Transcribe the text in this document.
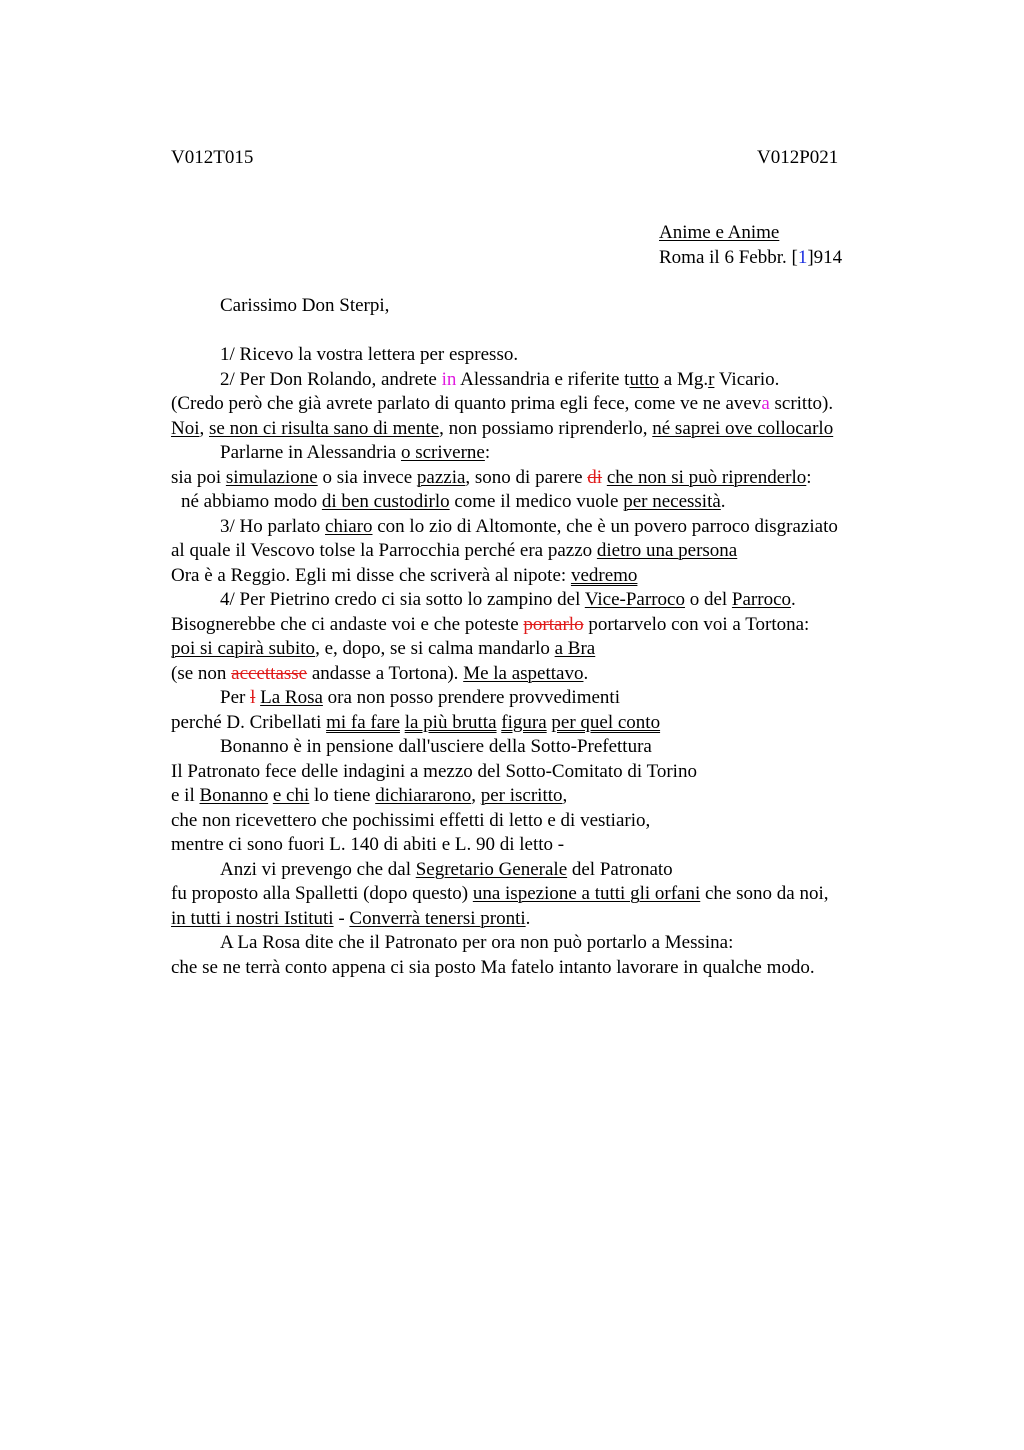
V012T015	V012P021
Anime e Anime
Roma il 6 Febbr. [1]914
Carissimo Don Sterpi,
1/ Ricevo la vostra lettera per espresso.
2/ Per Don Rolando, andrete in Alessandria e riferite tutto a Mg.r Vicario.
(Credo però che già avrete parlato di quanto prima egli fece, come ve ne aveva scritto).
Noi, se non ci risulta sano di mente, non possiamo riprenderlo, né saprei ove collocarlo
Parlarne in Alessandria o scriverne:
sia poi simulazione o sia invece pazzia, sono di parere di che non si può riprenderlo:
né abbiamo modo di ben custodirlo come il medico vuole per necessità.
3/ Ho parlato chiaro con lo zio di Altomonte, che è un povero parroco disgraziato
al quale il Vescovo tolse la Parrocchia perché era pazzo dietro una persona
Ora è a Reggio. Egli mi disse che scriverà al nipote: vedremo
4/ Per Pietrino credo ci sia sotto lo zampino del Vice-Parroco o del Parroco.
Bisognerebbe che ci andaste voi e che poteste portarlo portarvelo con voi a Tortona:
poi si capirà subito, e, dopo, se si calma mandarlo a Bra
(se non accettasse andasse a Tortona). Me la aspettavo.
Per l La Rosa ora non posso prendere provvedimenti
perché D. Cribellati mi fa fare la più brutta figura per quel conto
Bonanno è in pensione dall'usciere della Sotto-Prefettura
Il Patronato fece delle indagini a mezzo del Sotto-Comitato di Torino
e il Bonanno e chi lo tiene dichiararono, per iscritto,
che non ricevettero che pochissimi effetti di letto e di vestiario,
mentre ci sono fuori L. 140 di abiti e L. 90 di letto -
Anzi vi prevengo che dal Segretario Generale del Patronato
fu proposto alla Spalletti (dopo questo) una ispezione a tutti gli orfani che sono da noi,
in tutti i nostri Istituti - Converrà tenersi pronti.
A La Rosa dite che il Patronato per ora non può portarlo a Messina:
che se ne terrà conto appena ci sia posto Ma fatelo intanto lavorare in qualche modo.
